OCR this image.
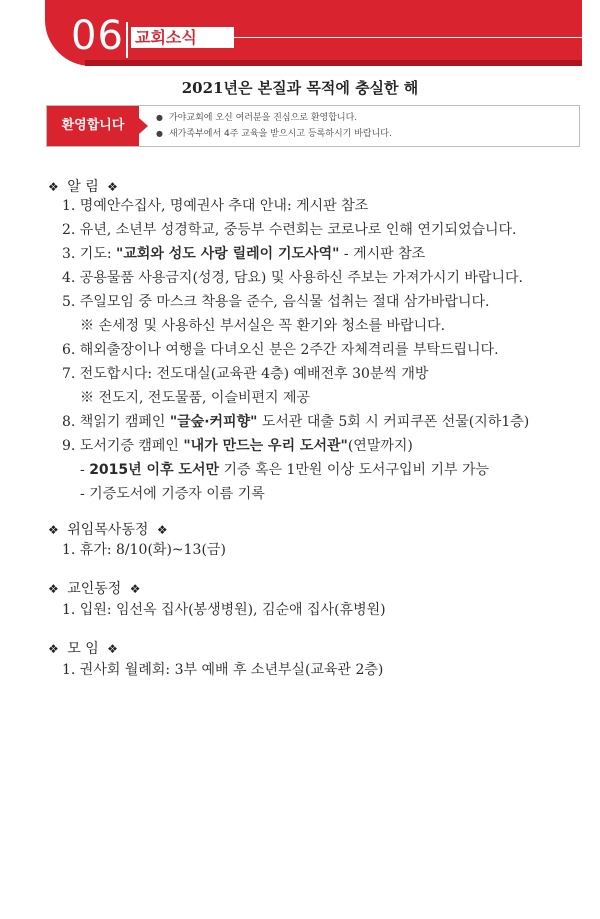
06 교회소식
2021년은 본질과 목적에 충실한 해
환영합니다
● 가야교회에 오신 여러분을 진심으로 환영합니다.
● 새가족부에서 4주 교육을 받으시고 등록하시기 바랍니다.
❖ 알 림 ❖
1. 명예안수집사, 명예권사 추대 안내: 게시판 참조
2. 유년, 소년부 성경학교, 중등부 수련회는 코로나로 인해 연기되었습니다.
3. 기도: "교회와 성도 사랑 릴레이 기도사역" - 게시판 참조
4. 공용물품 사용금지(성경, 담요) 및 사용하신 주보는 가져가시기 바랍니다.
5. 주일모임 중 마스크 착용을 준수, 음식물 섭취는 절대 삼가바랍니다.
※ 손세정 및 사용하신 부서실은 꼭 환기와 청소를 바랍니다.
6. 해외출장이나 여행을 다녀오신 분은 2주간 자체격리를 부탁드립니다.
7. 전도합시다: 전도대실(교육관 4층) 예배전후 30분씩 개방
※ 전도지, 전도물품, 이슬비편지 제공
8. 책읽기 캠페인 "글숲·커피향" 도서관 대출 5회 시 커피쿠폰 선물(지하1층)
9. 도서기증 캠페인 "내가 만드는 우리 도서관"(연말까지)
- 2015년 이후 도서만 기증 혹은 1만원 이상 도서구입비 기부 가능
- 기증도서에 기증자 이름 기록
❖ 위임목사동정 ❖
1. 휴가: 8/10(화)~13(금)
❖ 교인동정 ❖
1. 입원: 임선옥 집사(봉생병원), 김순애 집사(휴병원)
❖ 모 임 ❖
1. 권사회 월례회: 3부 예배 후 소년부실(교육관 2층)
